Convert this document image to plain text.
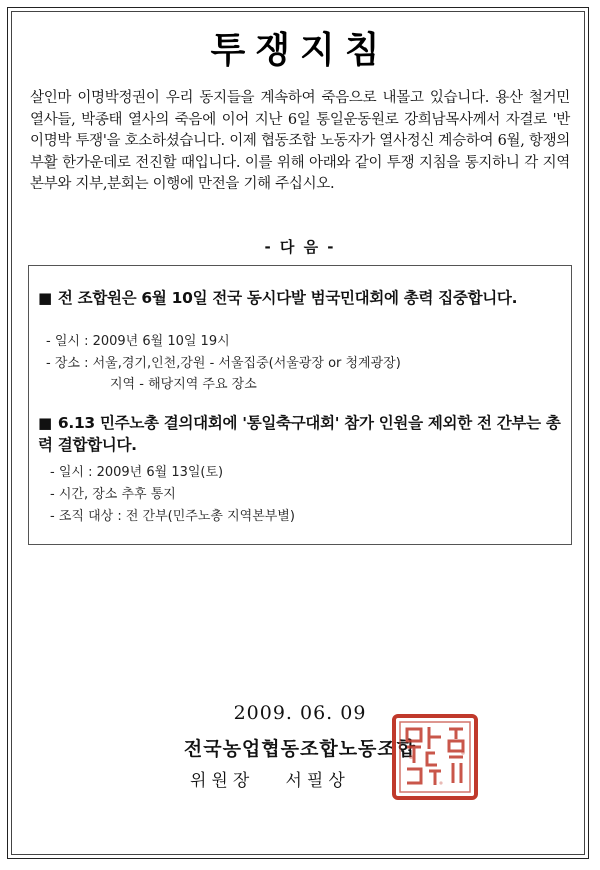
투쟁지침
살인마 이명박정권이 우리 동지들을 계속하여 죽음으로 내몰고 있습니다. 용산 철거민 열사들, 박종태 열사의 죽음에 이어 지난 6일 통일운동원로 강희남목사께서 자결로 '반 이명박 투쟁'을 호소하셨습니다. 이제 협동조합 노동자가 열사정신 계승하여 6월, 항쟁의 부활 한가운데로 전진할 때입니다. 이를 위해 아래와 같이 투쟁 지침을 통지하니 각 지역본부와 지부,분회는 이행에 만전을 기해 주십시오.
- 다 음 -
■ 전 조합원은 6월 10일 전국 동시다발 범국민대회에 총력 집중합니다.
- 일시 : 2009년 6월 10일 19시
- 장소 : 서울,경기,인천,강원 - 서울집중(서울광장 or 청계광장)
지역 - 해당지역 주요 장소
■ 6.13 민주노총 결의대회에 '통일축구대회' 참가 인원을 제외한 전 간부는 총력 결합합니다.
- 일시 : 2009년 6월 13일(토)
- 시간, 장소 추후 통지
- 조직 대상 : 전 간부(민주노총 지역본부별)
2009. 06. 09
전국농업협동조합노동조합
위원장   서필상
